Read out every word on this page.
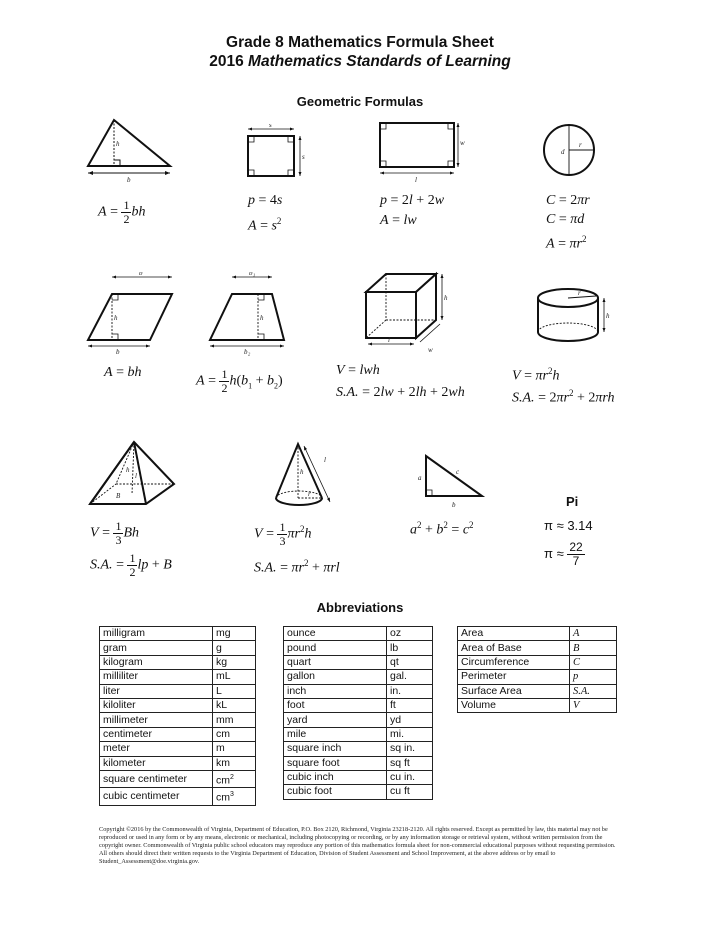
Grade 8 Mathematics Formula Sheet
2016 Mathematics Standards of Learning
Geometric Formulas
h
b
$A = \frac{1}{2}$ bh
s
s
p = 4s
$A = s^2$
w
l
p = 2l + 2w
A = lw
d
r
C = 2πr
C = πd
$A = \pi r^2$
b
h
b
A = bh
b 1
h
b 2
$A = \frac{1}{2} h(b_1 + b_2)$
h
l
w
V = lwh
S.A. = 2lw + 2lh + 2wh
r
h
$V = \pi r^2h$
S.A. = $2\pi r^2 + 2\pi rh$
h
l
B
$V = \frac{1}{3}$ Bh
S.A. = $\frac{1}{2}$ lp + B
h
r
l
$V = \frac{1}{3} \pi r^2h$
S.A. = $\pi r^2 + \pi rl$
a
c
b
$a^2 + b^2 = c^2$
Pi
π ≈ 3.14
$\pi \approx \frac{22}{7}$
Abbreviations
milligram	mg
gram	g
kilogram	kg
milliliter	mL
liter	L
kiloliter	kL
millimeter	mm
centimeter	cm
meter	m
kilometer	km
square centimeter	$cm^2$
cubic centimeter	$cm^3$
ounce	oz
pound	lb
quart	qt
gallon	gal.
inch	in.
foot	ft
yard	yd
mile	mi.
square inch	sq in.
square foot	sq ft
cubic inch	cu in.
cubic foot	cu ft
Area	A
Area of Base	B
Circumference	C
Perimeter	p
Surface Area	S.A.
Volume	V
Copyright ©2016 by the Commonwealth of Virginia, Department of Education, P.O. Box 2120, Richmond, Virginia 23218-2120. All rights reserved. Except as permitted by law, this material may not be reproduced or used in any form or by any means, electronic or mechanical, including photocopying or recording, or by any information storage or retrieval system, without written permission from the copyright owner. Commonwealth of Virginia public school educators may reproduce any portion of this mathematics formula sheet for non-commercial educational purposes without requesting permission. All others should direct their written requests to the Virginia Department of Education, Division of Student Assessment and School Improvement, at the above address or by email to Student_Assessment@doe.virginia.gov.
